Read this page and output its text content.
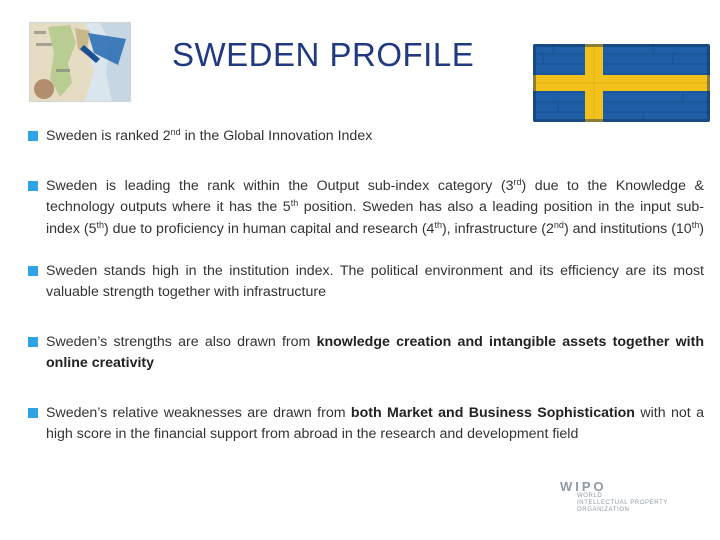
SWEDEN PROFILE
Sweden is ranked 2nd in the Global Innovation Index
Sweden is leading the rank within the Output sub-index category (3rd) due to the Knowledge & technology outputs where it has the 5th position. Sweden has also a leading position in the input sub-index (5th) due to proficiency in human capital and research (4th), infrastructure (2nd) and institutions (10th)
Sweden stands high in the institution index. The political environment and its efficiency are its most valuable strength together with infrastructure
Sweden’s strengths are also drawn from knowledge creation and intangible assets together with online creativity
Sweden’s relative weaknesses are drawn from both Market and Business Sophistication with not a high score in the financial support from abroad in the research and development field
WIPO
WORLD
INTELLECTUAL PROPERTY
ORGANIZATION
